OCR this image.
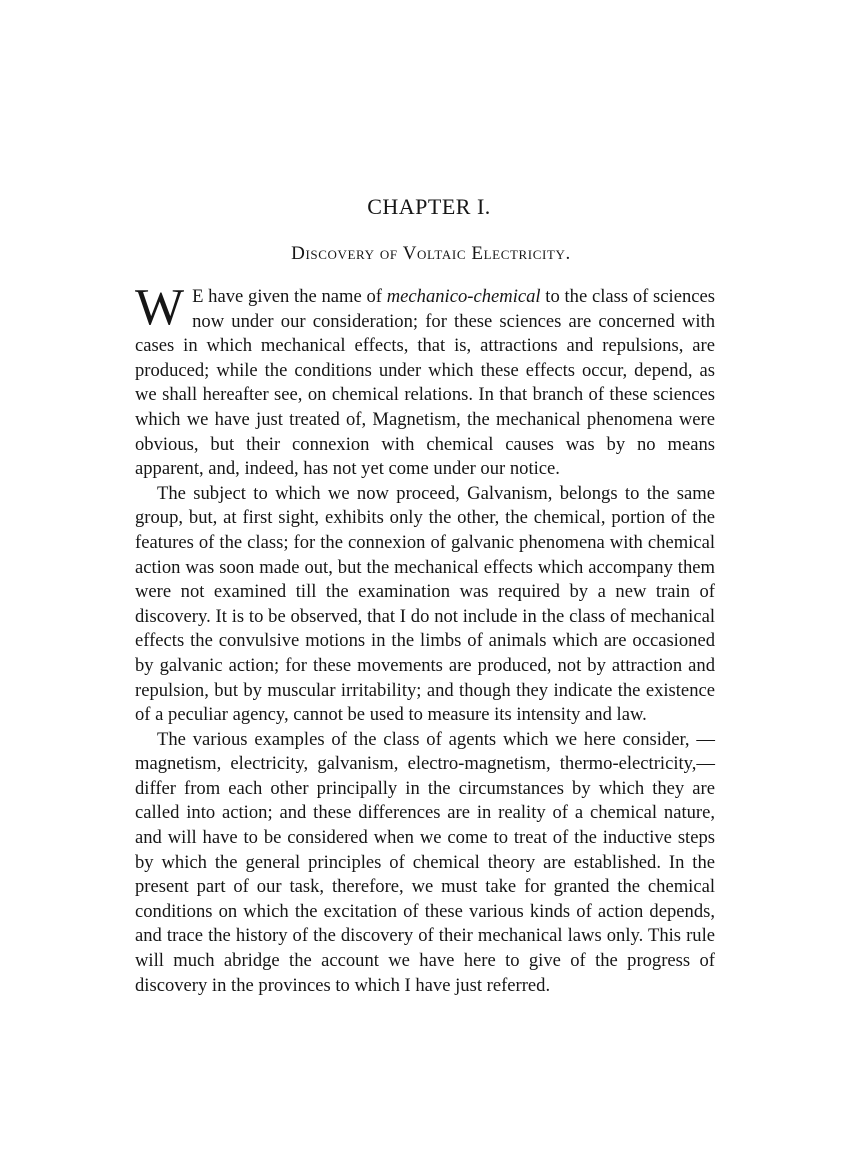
CHAPTER I.
Discovery of Voltaic Electricity.

W E have given the name of mechanico-chemical to the class of sciences now under our consideration; for these sciences are concerned with cases in which mechanical effects, that is, attractions and repulsions, are produced; while the conditions under which these effects occur, depend, as we shall hereafter see, on chemical relations. In that branch of these sciences which we have just treated of, Magnetism, the mechanical phenomena were obvious, but their connexion with chemical causes was by no means apparent, and, indeed, has not yet come under our notice.

The subject to which we now proceed, Galvanism, belongs to the same group, but, at first sight, exhibits only the other, the chemical, portion of the features of the class; for the connexion of galvanic phenomena with chemical action was soon made out, but the mechanical effects which accompany them were not examined till the examination was required by a new train of discovery. It is to be observed, that I do not include in the class of mechanical effects the convulsive motions in the limbs of animals which are occasioned by galvanic action; for these movements are produced, not by attraction and repulsion, but by muscular irritability; and though they indicate the existence of a peculiar agency, cannot be used to measure its intensity and law.

The various examples of the class of agents which we here consider, —magnetism, electricity, galvanism, electro-magnetism, thermo-electricity,—differ from each other principally in the circumstances by which they are called into action; and these differences are in reality of a chemical nature, and will have to be considered when we come to treat of the inductive steps by which the general principles of chemical theory are established. In the present part of our task, therefore, we must take for granted the chemical conditions on which the excitation of these various kinds of action depends, and trace the history of the discovery of their mechanical laws only. This rule will much abridge the account we have here to give of the progress of discovery in the provinces to which I have just referred.
